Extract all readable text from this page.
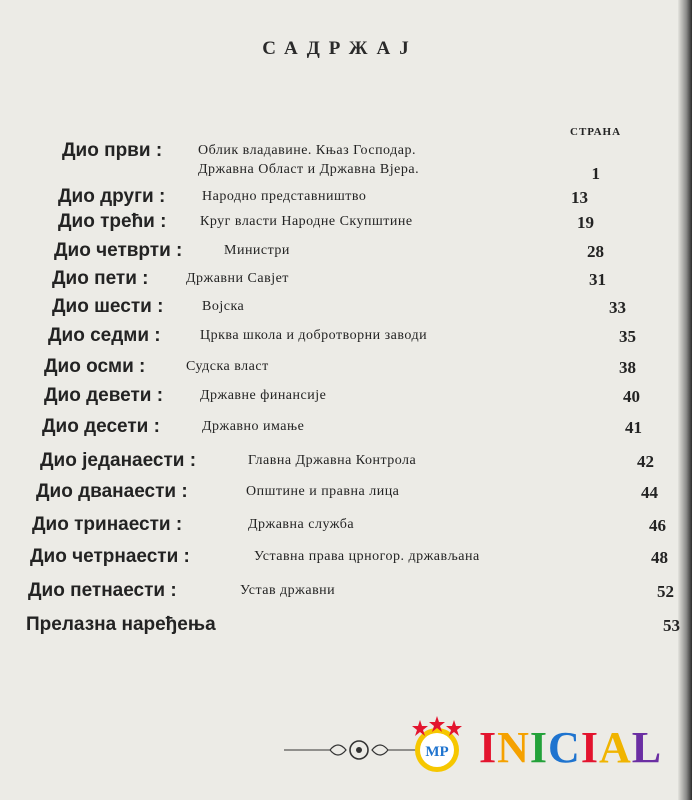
САДРЖАЈ
СТРАНА
Дио први :	Облик владавине. Књаз Господар.
Државна Област и Државна Вјера.	1
Дио други :	Народно представништво	13
Дио трећи : Круг власти Народне Скупштине	19
Дио четврти :	Министри	28
Дио пети :	Државни Савјет	31
Дио шести :	Војска	33
Дио седми :	Црква школа и добротворни заводи	35
Дио осми :	Судска власт	38
Дио девети :	Државне финансије	40
Дио десети :	Државно имање	41
Дио једанаести :	Главна Државна Контрола	42
Дио дванаести :	Општине и правна лица	44
Дио тринаести :	Државна служба	46
Дио четрнаести :	Уставна права црногор. држављана	48
Дио петнаести :	Устав државни	52
Прелазна наређења	53
MP INICIAL
